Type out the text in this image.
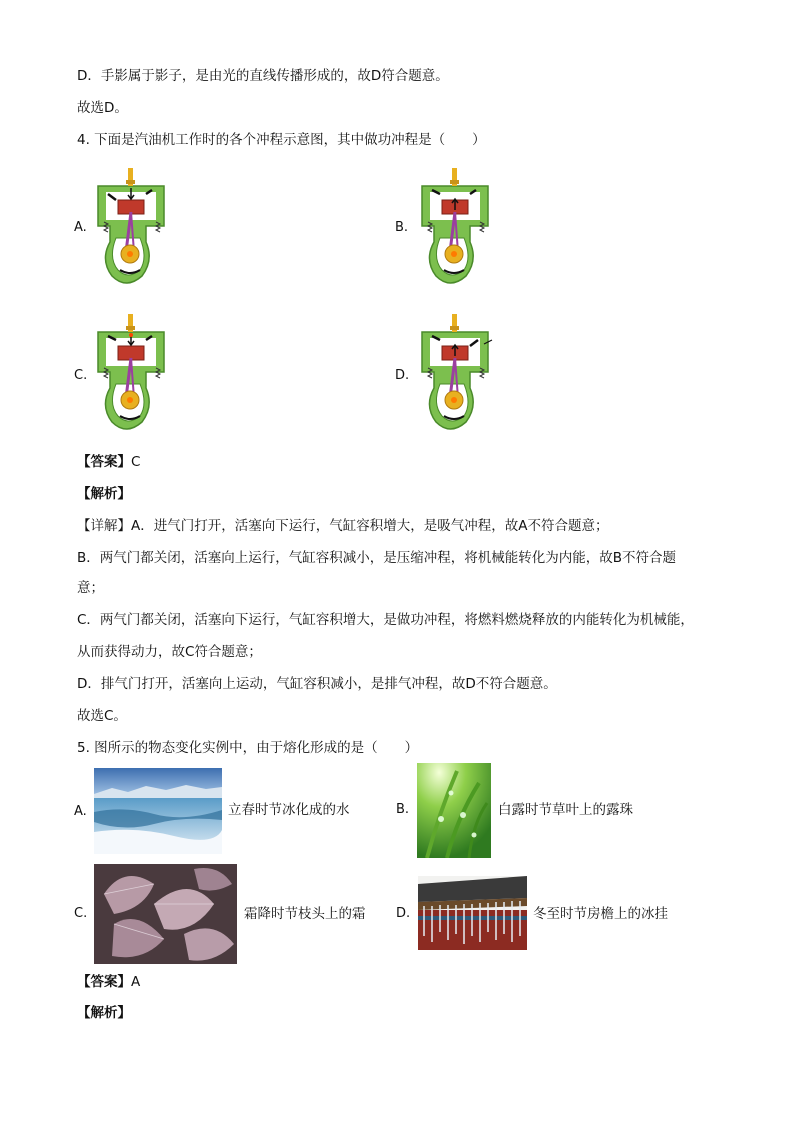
D．手影属于影子，是由光的直线传播形成的，故D符合题意。
故选D。
4. 下面是汽油机工作时的各个冲程示意图，其中做功冲程是（　　）
A.	B.
C.	D.
【答案】C
【解析】
【详解】A．进气门打开，活塞向下运行，气缸容积增大，是吸气冲程，故A不符合题意；
B．两气门都关闭，活塞向上运行，气缸容积减小，是压缩冲程，将机械能转化为内能，故B不符合题
意；
C．两气门都关闭，活塞向下运行，气缸容积增大，是做功冲程，将燃料燃烧释放的内能转化为机械能，
从而获得动力，故C符合题意；
D．排气门打开，活塞向上运动，气缸容积减小，是排气冲程，故D不符合题意。
故选C。
5. 图所示的物态变化实例中，由于熔化形成的是（　　）
A.	立春时节冰化成的水	B.	白露时节草叶上的露珠
C.	霜降时节枝头上的霜 D.	冬至时节房檐上的冰挂
【答案】A
【解析】
